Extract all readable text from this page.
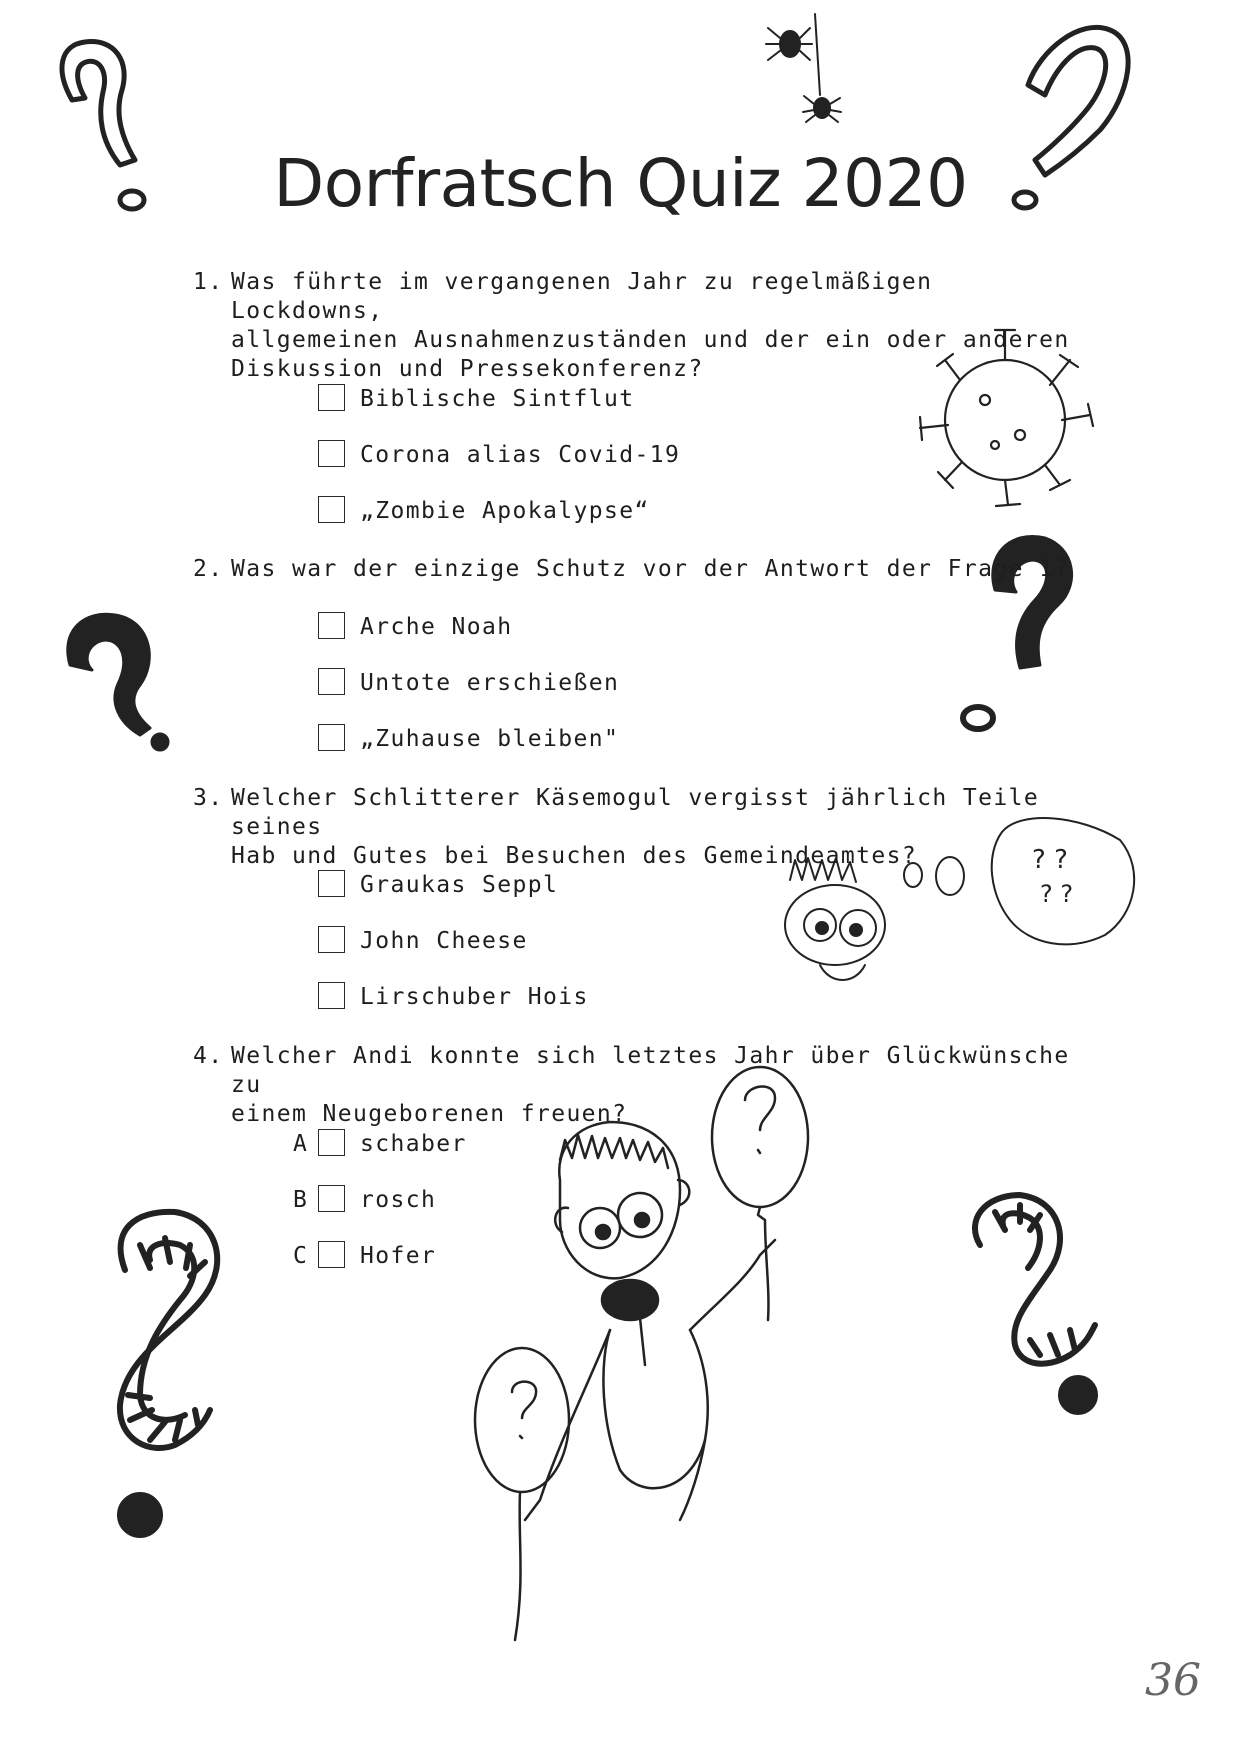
? ?
? ?
Dorfratsch Quiz 2020
1. Was führte im vergangenen Jahr zu regelmäßigen Lockdowns,
allgemeinen Ausnahmenzuständen und der ein oder anderen
Diskussion und Pressekonferenz?
Biblische Sintflut
Corona alias Covid-19
„Zombie Apokalypse“
2. Was war der einzige Schutz vor der Antwort der Frage 1?
Arche Noah
Untote erschießen
„Zuhause bleiben"
3. Welcher Schlitterer Käsemogul vergisst jährlich Teile seines
Hab und Gutes bei Besuchen des Gemeindeamtes?
Graukas Seppl
John Cheese
Lirschuber Hois
4. Welcher Andi konnte sich letztes Jahr über Glückwünsche zu
einem Neugeborenen freuen?
A schaber
B rosch
C Hofer
36
